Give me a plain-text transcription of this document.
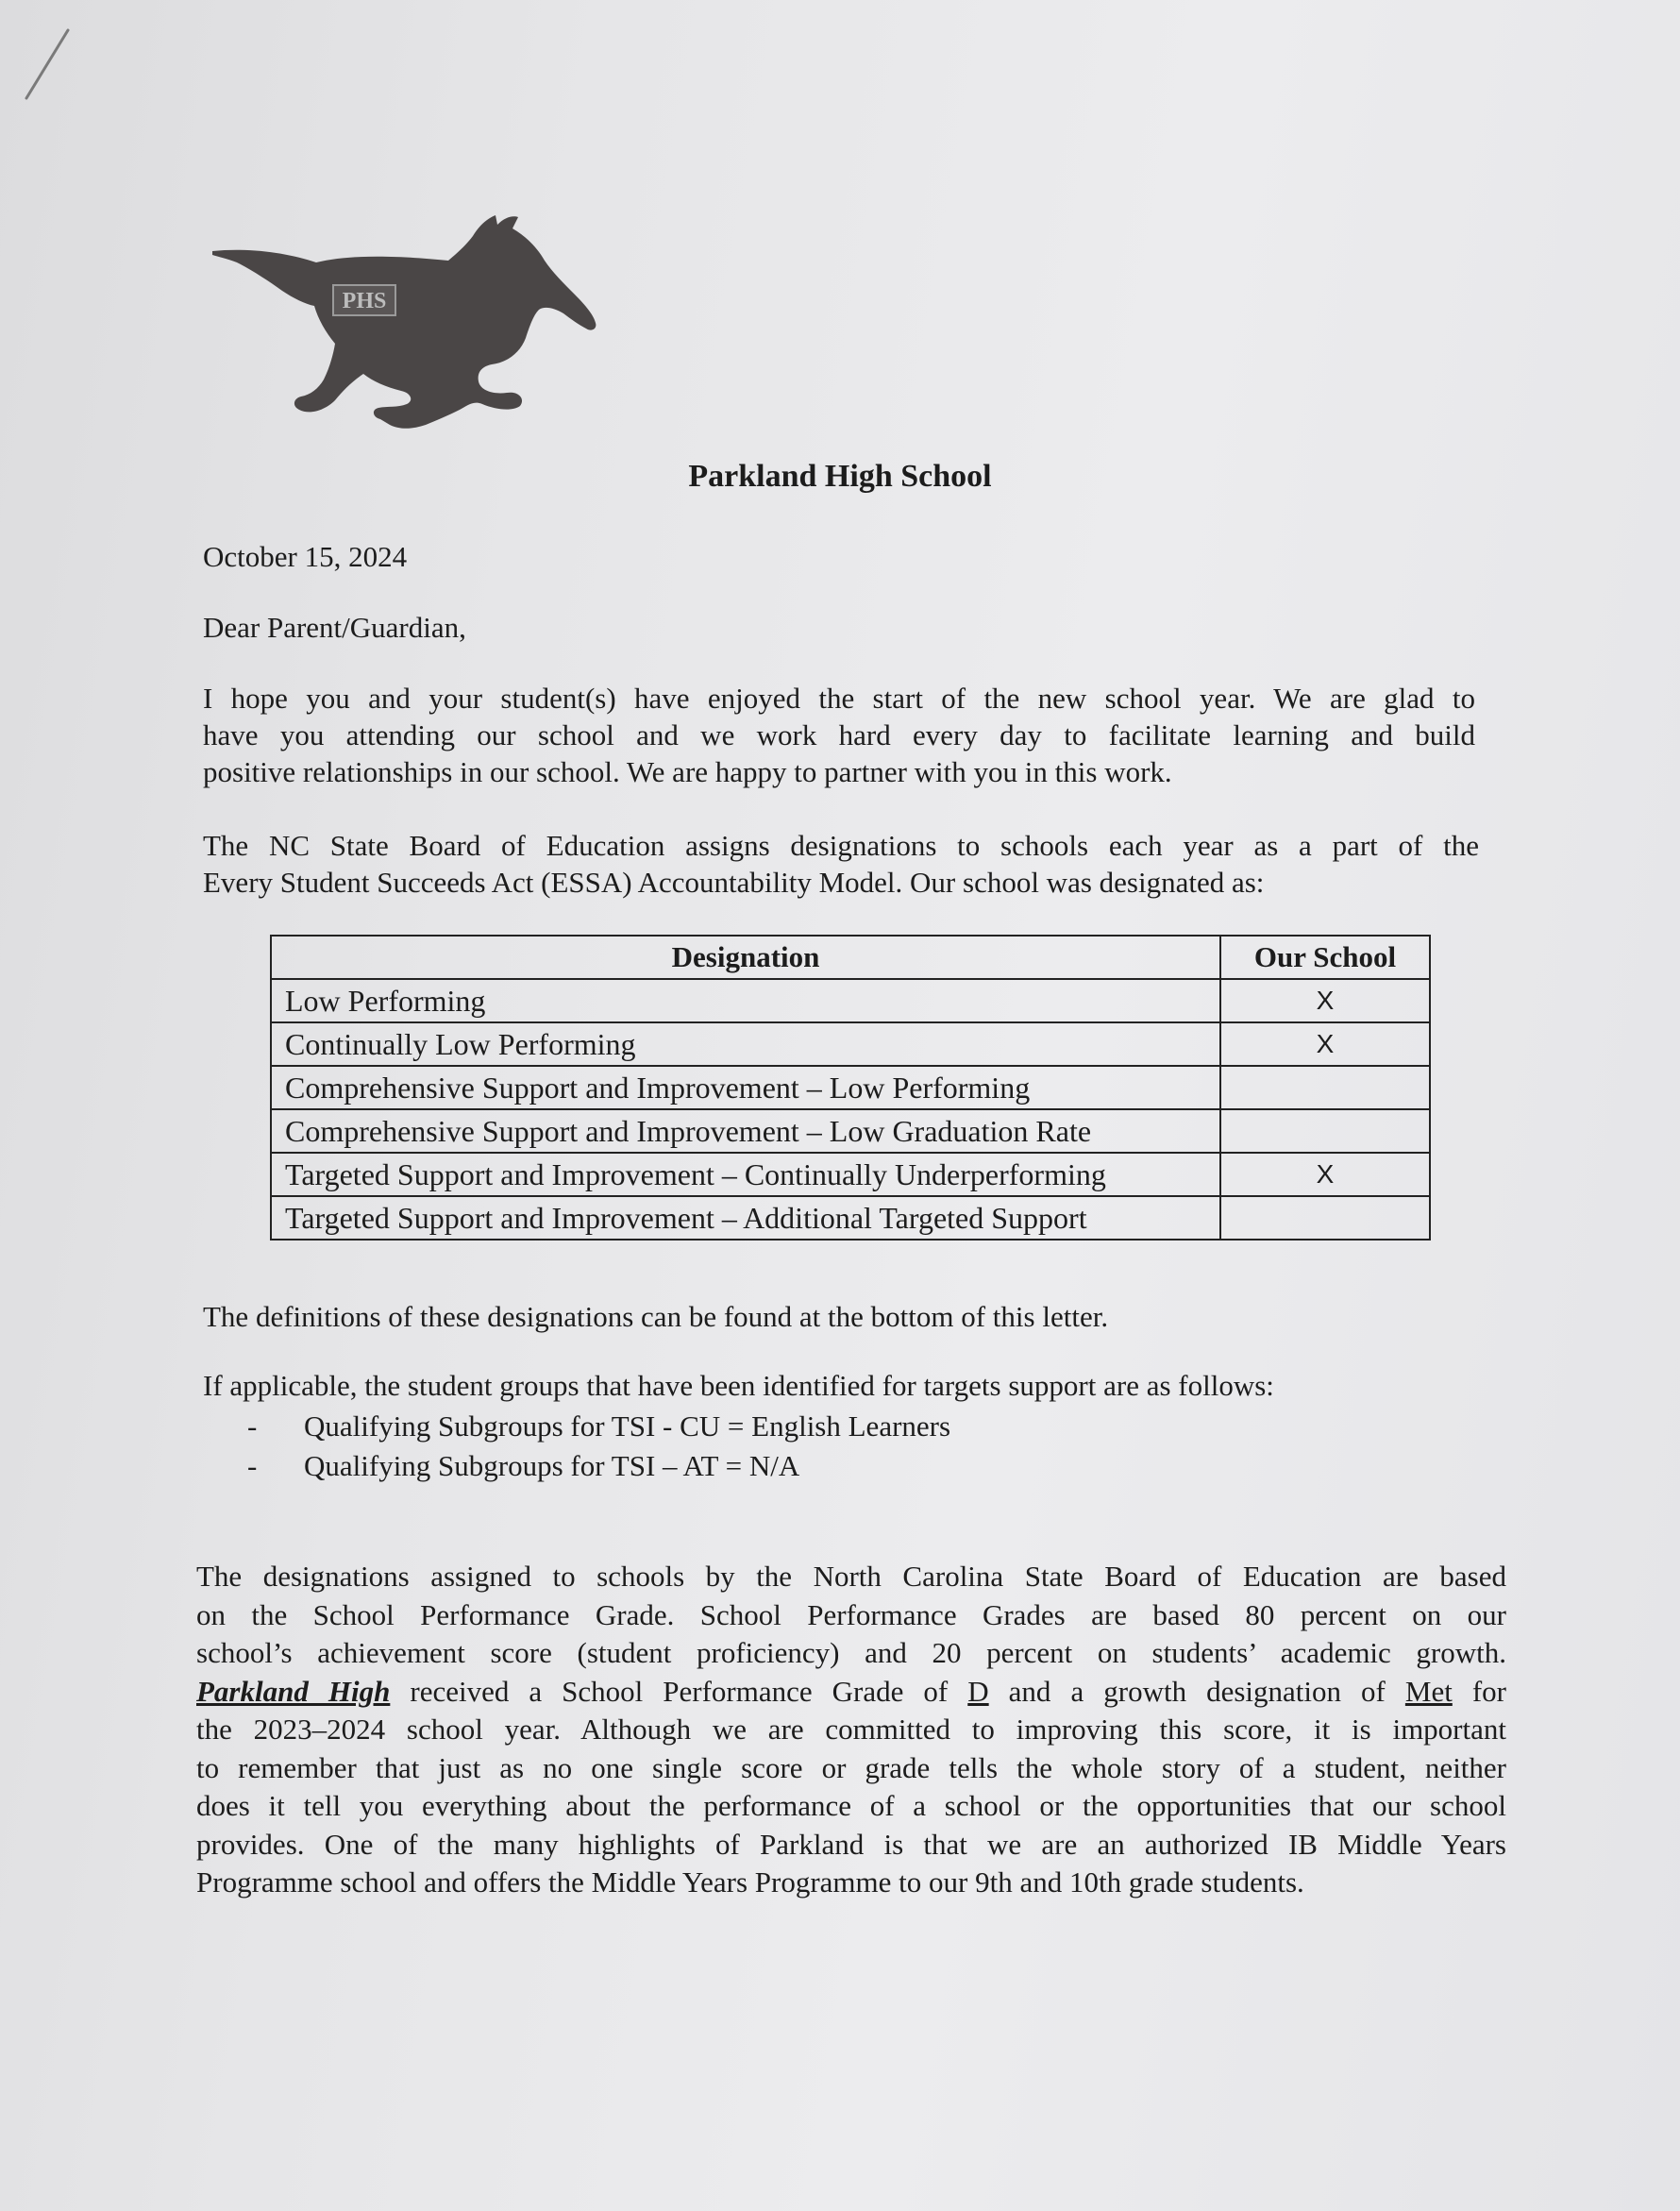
PHS
Parkland High School

October 15, 2024

Dear Parent/Guardian,

I hope you and your student(s) have enjoyed the start of the new school year. We are glad to
have you attending our school and we work hard every day to facilitate learning and build
positive relationships in our school. We are happy to partner with you in this work.
The NC State Board of Education assigns designations to schools each year as a part of the
Every Student Succeeds Act (ESSA) Accountability Model. Our school was designated as:
Designation	Our School
Low Performing	X
Continually Low Performing	X
Comprehensive Support and Improvement – Low Performing	
Comprehensive Support and Improvement – Low Graduation Rate	
Targeted Support and Improvement – Continually Underperforming	X
Targeted Support and Improvement – Additional Targeted Support	

The definitions of these designations can be found at the bottom of this letter.

If applicable, the student groups that have been identified for targets support are as follows:

-	Qualifying Subgroups for TSI - CU = English Learners
-	Qualifying Subgroups for TSI – AT = N/A
The designations assigned to schools by the North Carolina State Board of Education are based
on the School Performance Grade. School Performance Grades are based 80 percent on our
school’s achievement score (student proficiency) and 20 percent on students’ academic growth.
Parkland High received a School Performance Grade of D and a growth designation of Met for
the 2023–2024 school year. Although we are committed to improving this score, it is important
to remember that just as no one single score or grade tells the whole story of a student, neither
does it tell you everything about the performance of a school or the opportunities that our school
provides. One of the many highlights of Parkland is that we are an authorized IB Middle Years
Programme school and offers the Middle Years Programme to our 9th and 10th grade students.
